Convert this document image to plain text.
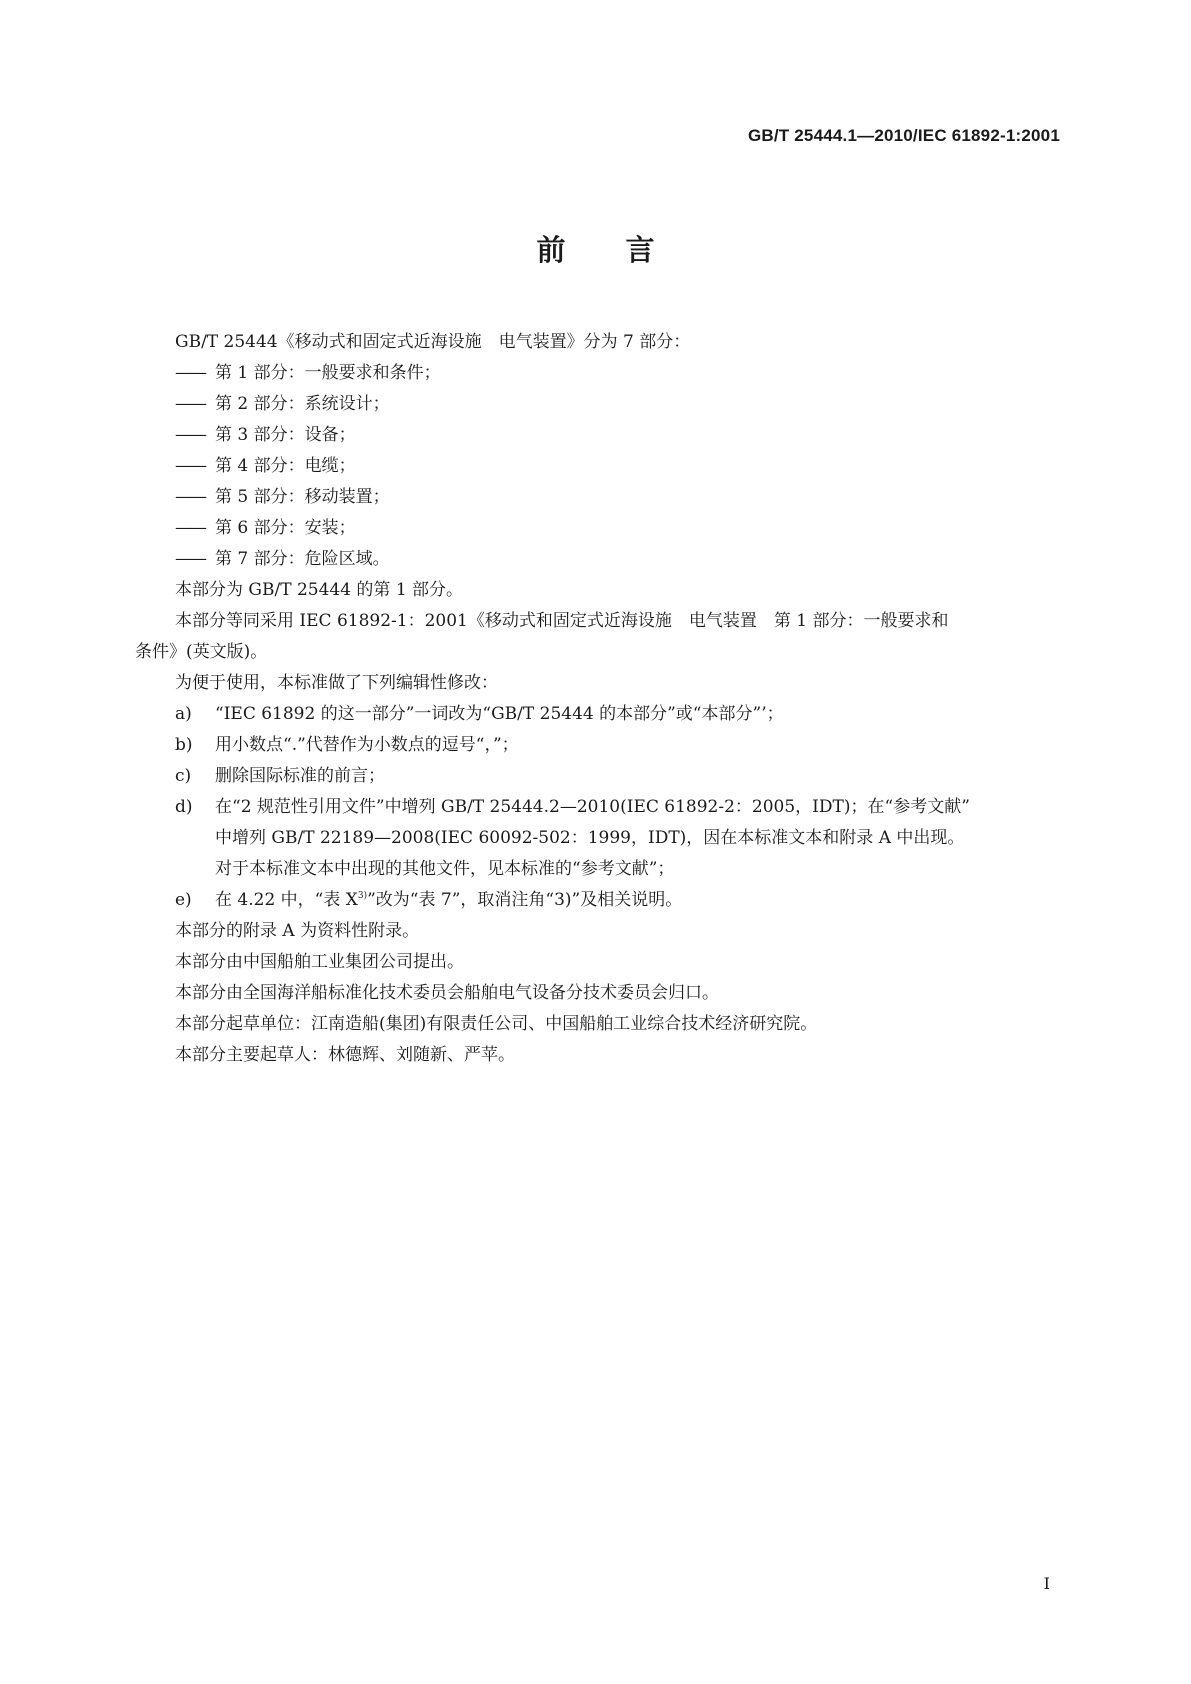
GB/T 25444.1—2010/IEC 61892-1:2001
前言
GB/T 25444《移动式和固定式近海设施　电气装置》分为 7 部分：
—— 第 1 部分：一般要求和条件；
—— 第 2 部分：系统设计；
—— 第 3 部分：设备；
—— 第 4 部分：电缆；
—— 第 5 部分：移动装置；
—— 第 6 部分：安装；
—— 第 7 部分：危险区域。
本部分为 GB/T 25444 的第 1 部分。
本部分等同采用 IEC 61892-1：2001《移动式和固定式近海设施　电气装置　第 1 部分：一般要求和
条件》(英文版)。
为便于使用，本标准做了下列编辑性修改：
a)	“IEC 61892 的这一部分”一词改为“GB/T 25444 的本部分”或“本部分”’；
b)	用小数点“.”代替作为小数点的逗号“，”；
c)	删除国际标准的前言；
d)	在“2 规范性引用文件”中增列 GB/T 25444.2—2010(IEC 61892-2：2005，IDT)；在“参考文献”
中增列 GB/T 22189—2008(IEC 60092-502：1999，IDT)，因在本标准文本和附录 A 中出现。
对于本标准文本中出现的其他文件，见本标准的“参考文献”；
e)	在 4.22 中，“表 $X^{3)}$”改为“表 7”，取消注角“3)”及相关说明。
本部分的附录 A 为资料性附录。
本部分由中国船舶工业集团公司提出。
本部分由全国海洋船标准化技术委员会船舶电气设备分技术委员会归口。
本部分起草单位：江南造船(集团)有限责任公司、中国船舶工业综合技术经济研究院。
本部分主要起草人：林德辉、刘随新、严苹。
I
